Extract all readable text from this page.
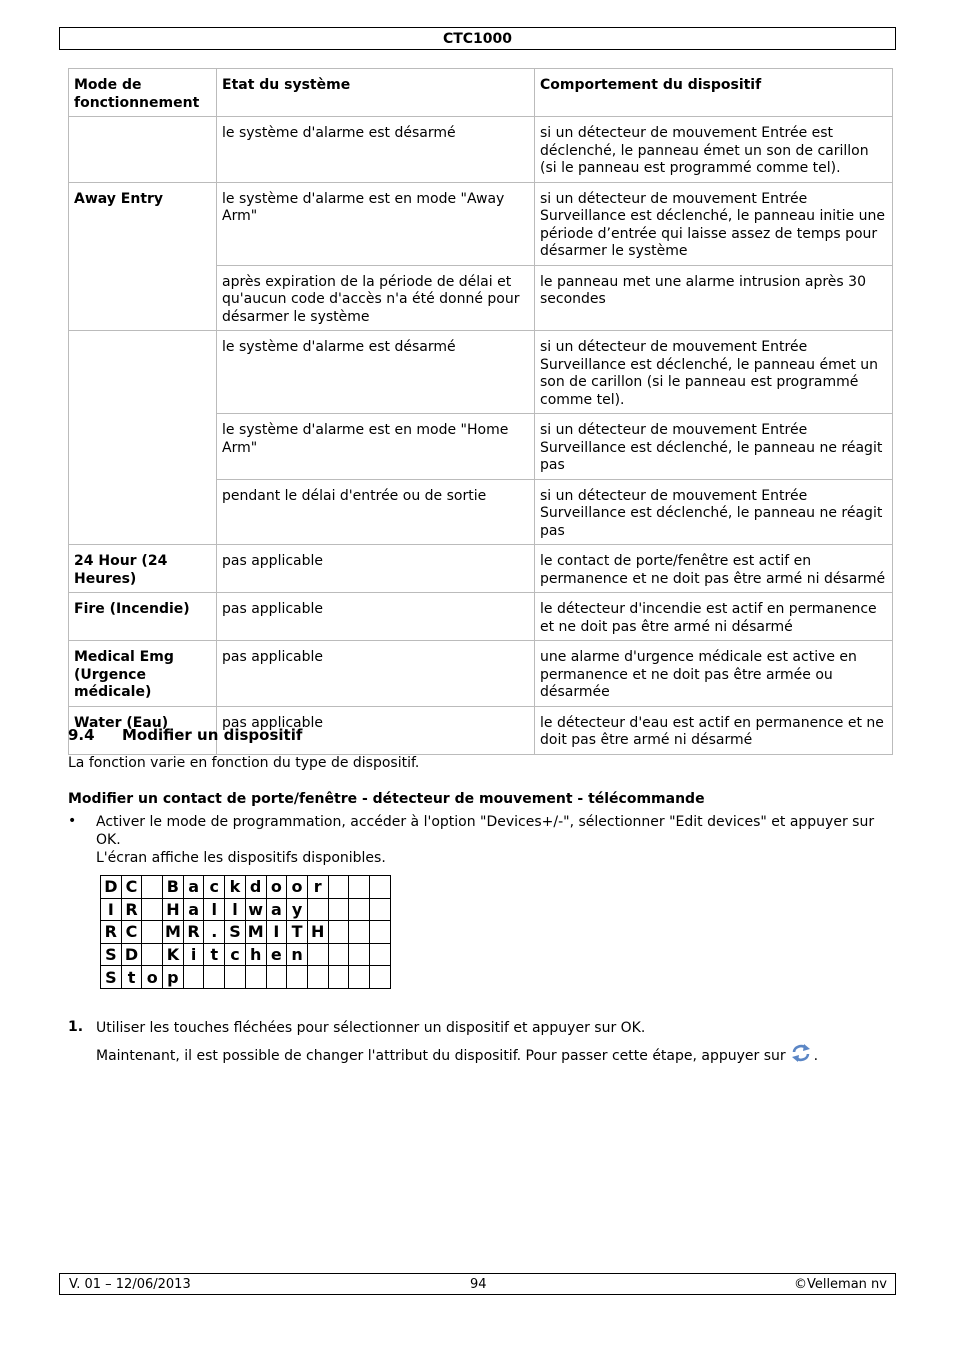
CTC1000
Mode de fonctionnement	Etat du système	Comportement du dispositif
	le système d'alarme est désarmé	si un détecteur de mouvement Entrée est déclenché, le panneau émet un son de carillon (si le panneau est programmé comme tel).
Away Entry	le système d'alarme est en mode "Away Arm"	si un détecteur de mouvement Entrée Surveillance est déclenché, le panneau initie une période d’entrée qui laisse assez de temps pour désarmer le système
	après expiration de la période de délai et qu'aucun code d'accès n'a été donné pour désarmer le système	le panneau met une alarme intrusion après 30 secondes
	le système d'alarme est désarmé	si un détecteur de mouvement Entrée Surveillance est déclenché, le panneau émet un son de carillon (si le panneau est programmé comme tel).
	le système d'alarme est en mode "Home Arm"	si un détecteur de mouvement Entrée Surveillance est déclenché, le panneau ne réagit pas
	pendant le délai d'entrée ou de sortie	si un détecteur de mouvement Entrée Surveillance est déclenché, le panneau ne réagit pas
24 Hour (24 Heures)	pas applicable	le contact de porte/fenêtre est actif en permanence et ne doit pas être armé ni désarmé
Fire (Incendie)	pas applicable	le détecteur d'incendie est actif en permanence et ne doit pas être armé ni désarmé
Medical Emg (Urgence médicale)	pas applicable	une alarme d'urgence médicale est active en permanence et ne doit pas être armée ou désarmée
Water (Eau)	pas applicable	le détecteur d'eau est actif en permanence et ne doit pas être armé ni désarmé
9.4 Modifier un dispositif
La fonction varie en fonction du type de dispositif.
Modifier un contact de porte/fenêtre - détecteur de mouvement - télécommande
• Activer le mode de programmation, accéder à l'option "Devices+/-", sélectionner "Edit devices" et appuyer sur OK.
L'écran affiche les dispositifs disponibles.
D	C		B	a	c	k	d	o	o	r			
I	R		H	a	l	l	w	a	y				
R	C		M	R	.	S	M	I	T	H			
S	D		K	i	t	c	h	e	n				
S	t	o	p										
1. Utiliser les touches fléchées pour sélectionner un dispositif et appuyer sur OK.
Maintenant, il est possible de changer l'attribut du dispositif. Pour passer cette étape, appuyer sur .
V. 01 – 12/06/2013	94	©Velleman nv
